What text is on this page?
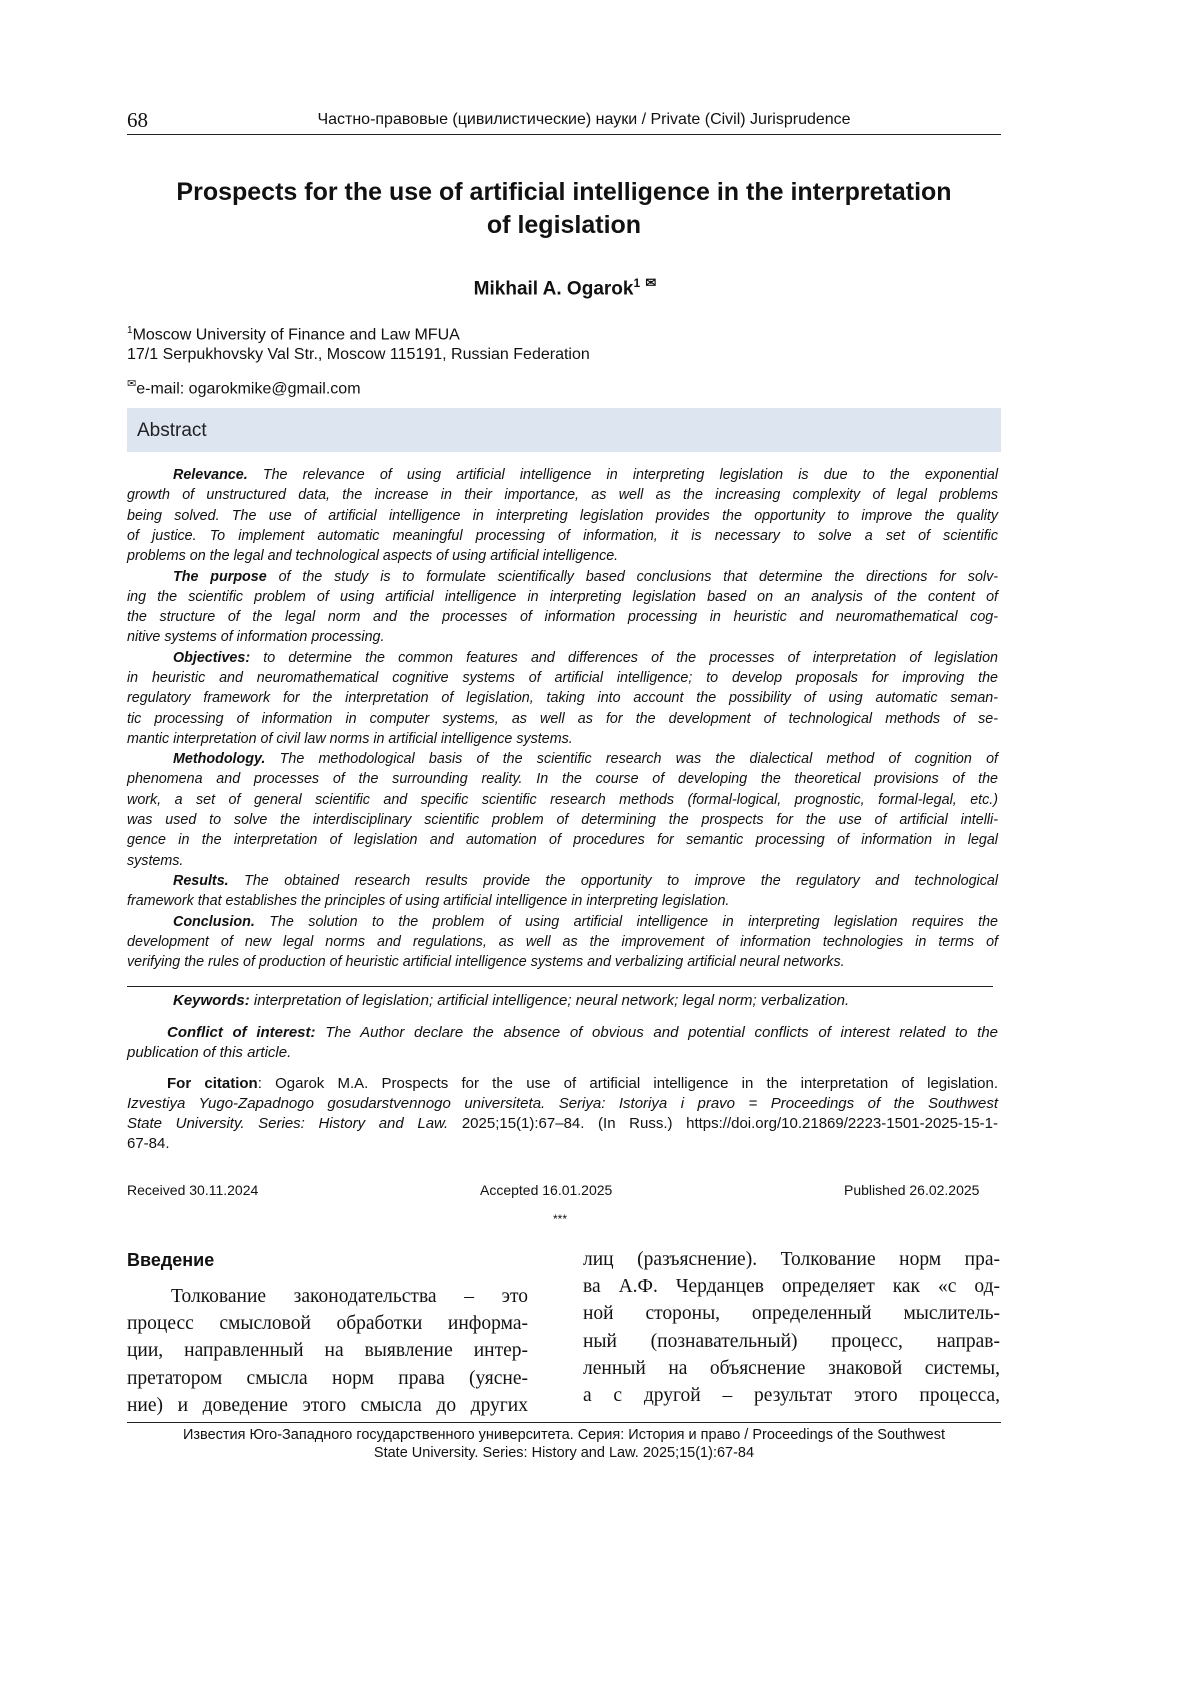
68	Частно-правовые (цивилистические) науки / Private (Civil) Jurisprudence
Prospects for the use of artificial intelligence in the interpretation
of legislation
Mikhail A. Ogarok1 ✉
1Moscow University of Finance and Law MFUA
17/1 Serpukhovsky Val Str., Moscow 115191, Russian Federation
✉e-mail: ogarokmike@gmail.com
Abstract
Relevance. The relevance of using artificial intelligence in interpreting legislation is due to the exponential
growth of unstructured data, the increase in their importance, as well as the increasing complexity of legal problems
being solved. The use of artificial intelligence in interpreting legislation provides the opportunity to improve the quality
of justice. To implement automatic meaningful processing of information, it is necessary to solve a set of scientific
problems on the legal and technological aspects of using artificial intelligence.
The purpose of the study is to formulate scientifically based conclusions that determine the directions for solv-
ing the scientific problem of using artificial intelligence in interpreting legislation based on an analysis of the content of
the structure of the legal norm and the processes of information processing in heuristic and neuromathematical cog-
nitive systems of information processing.
Objectives: to determine the common features and differences of the processes of interpretation of legislation
in heuristic and neuromathematical cognitive systems of artificial intelligence; to develop proposals for improving the
regulatory framework for the interpretation of legislation, taking into account the possibility of using automatic seman-
tic processing of information in computer systems, as well as for the development of technological methods of se-
mantic interpretation of civil law norms in artificial intelligence systems.
Methodology. The methodological basis of the scientific research was the dialectical method of cognition of
phenomena and processes of the surrounding reality. In the course of developing the theoretical provisions of the
work, a set of general scientific and specific scientific research methods (formal-logical, prognostic, formal-legal, etc.)
was used to solve the interdisciplinary scientific problem of determining the prospects for the use of artificial intelli-
gence in the interpretation of legislation and automation of procedures for semantic processing of information in legal
systems.
Results. The obtained research results provide the opportunity to improve the regulatory and technological
framework that establishes the principles of using artificial intelligence in interpreting legislation.
Conclusion. The solution to the problem of using artificial intelligence in interpreting legislation requires the
development of new legal norms and regulations, as well as the improvement of information technologies in terms of
verifying the rules of production of heuristic artificial intelligence systems and verbalizing artificial neural networks.
Keywords: interpretation of legislation; artificial intelligence; neural network; legal norm; verbalization.
Conflict of interest: The Author declare the absence of obvious and potential conflicts of interest related to the
publication of this article.
For citation: Ogarok M.A. Prospects for the use of artificial intelligence in the interpretation of legislation.
Izvestiya Yugo-Zapadnogo gosudarstvennogo universiteta. Seriya: Istoriya i pravo = Proceedings of the Southwest
State University. Series: History and Law. 2025;15(1):67–84. (In Russ.) https://doi.org/10.21869/2223-1501-2025-15-1-
67-84.
Received 30.11.2024	Accepted 16.01.2025	Published 26.02.2025
***
Введение
Толкование законодательства – это
процесс смысловой обработки информа-
ции, направленный на выявление интер-
претатором смысла норм права (уясне-
ние) и доведение этого смысла до других
лиц (разъяснение). Толкование норм пра-
ва А.Ф. Черданцев определяет как «с од-
ной стороны, определенный мыслитель-
ный (познавательный) процесс, направ-
ленный на объяснение знаковой системы,
а с другой – результат этого процесса,
Известия Юго-Западного государственного университета. Серия: История и право / Proceedings of the Southwest
State University. Series: History and Law. 2025;15(1):67-84
